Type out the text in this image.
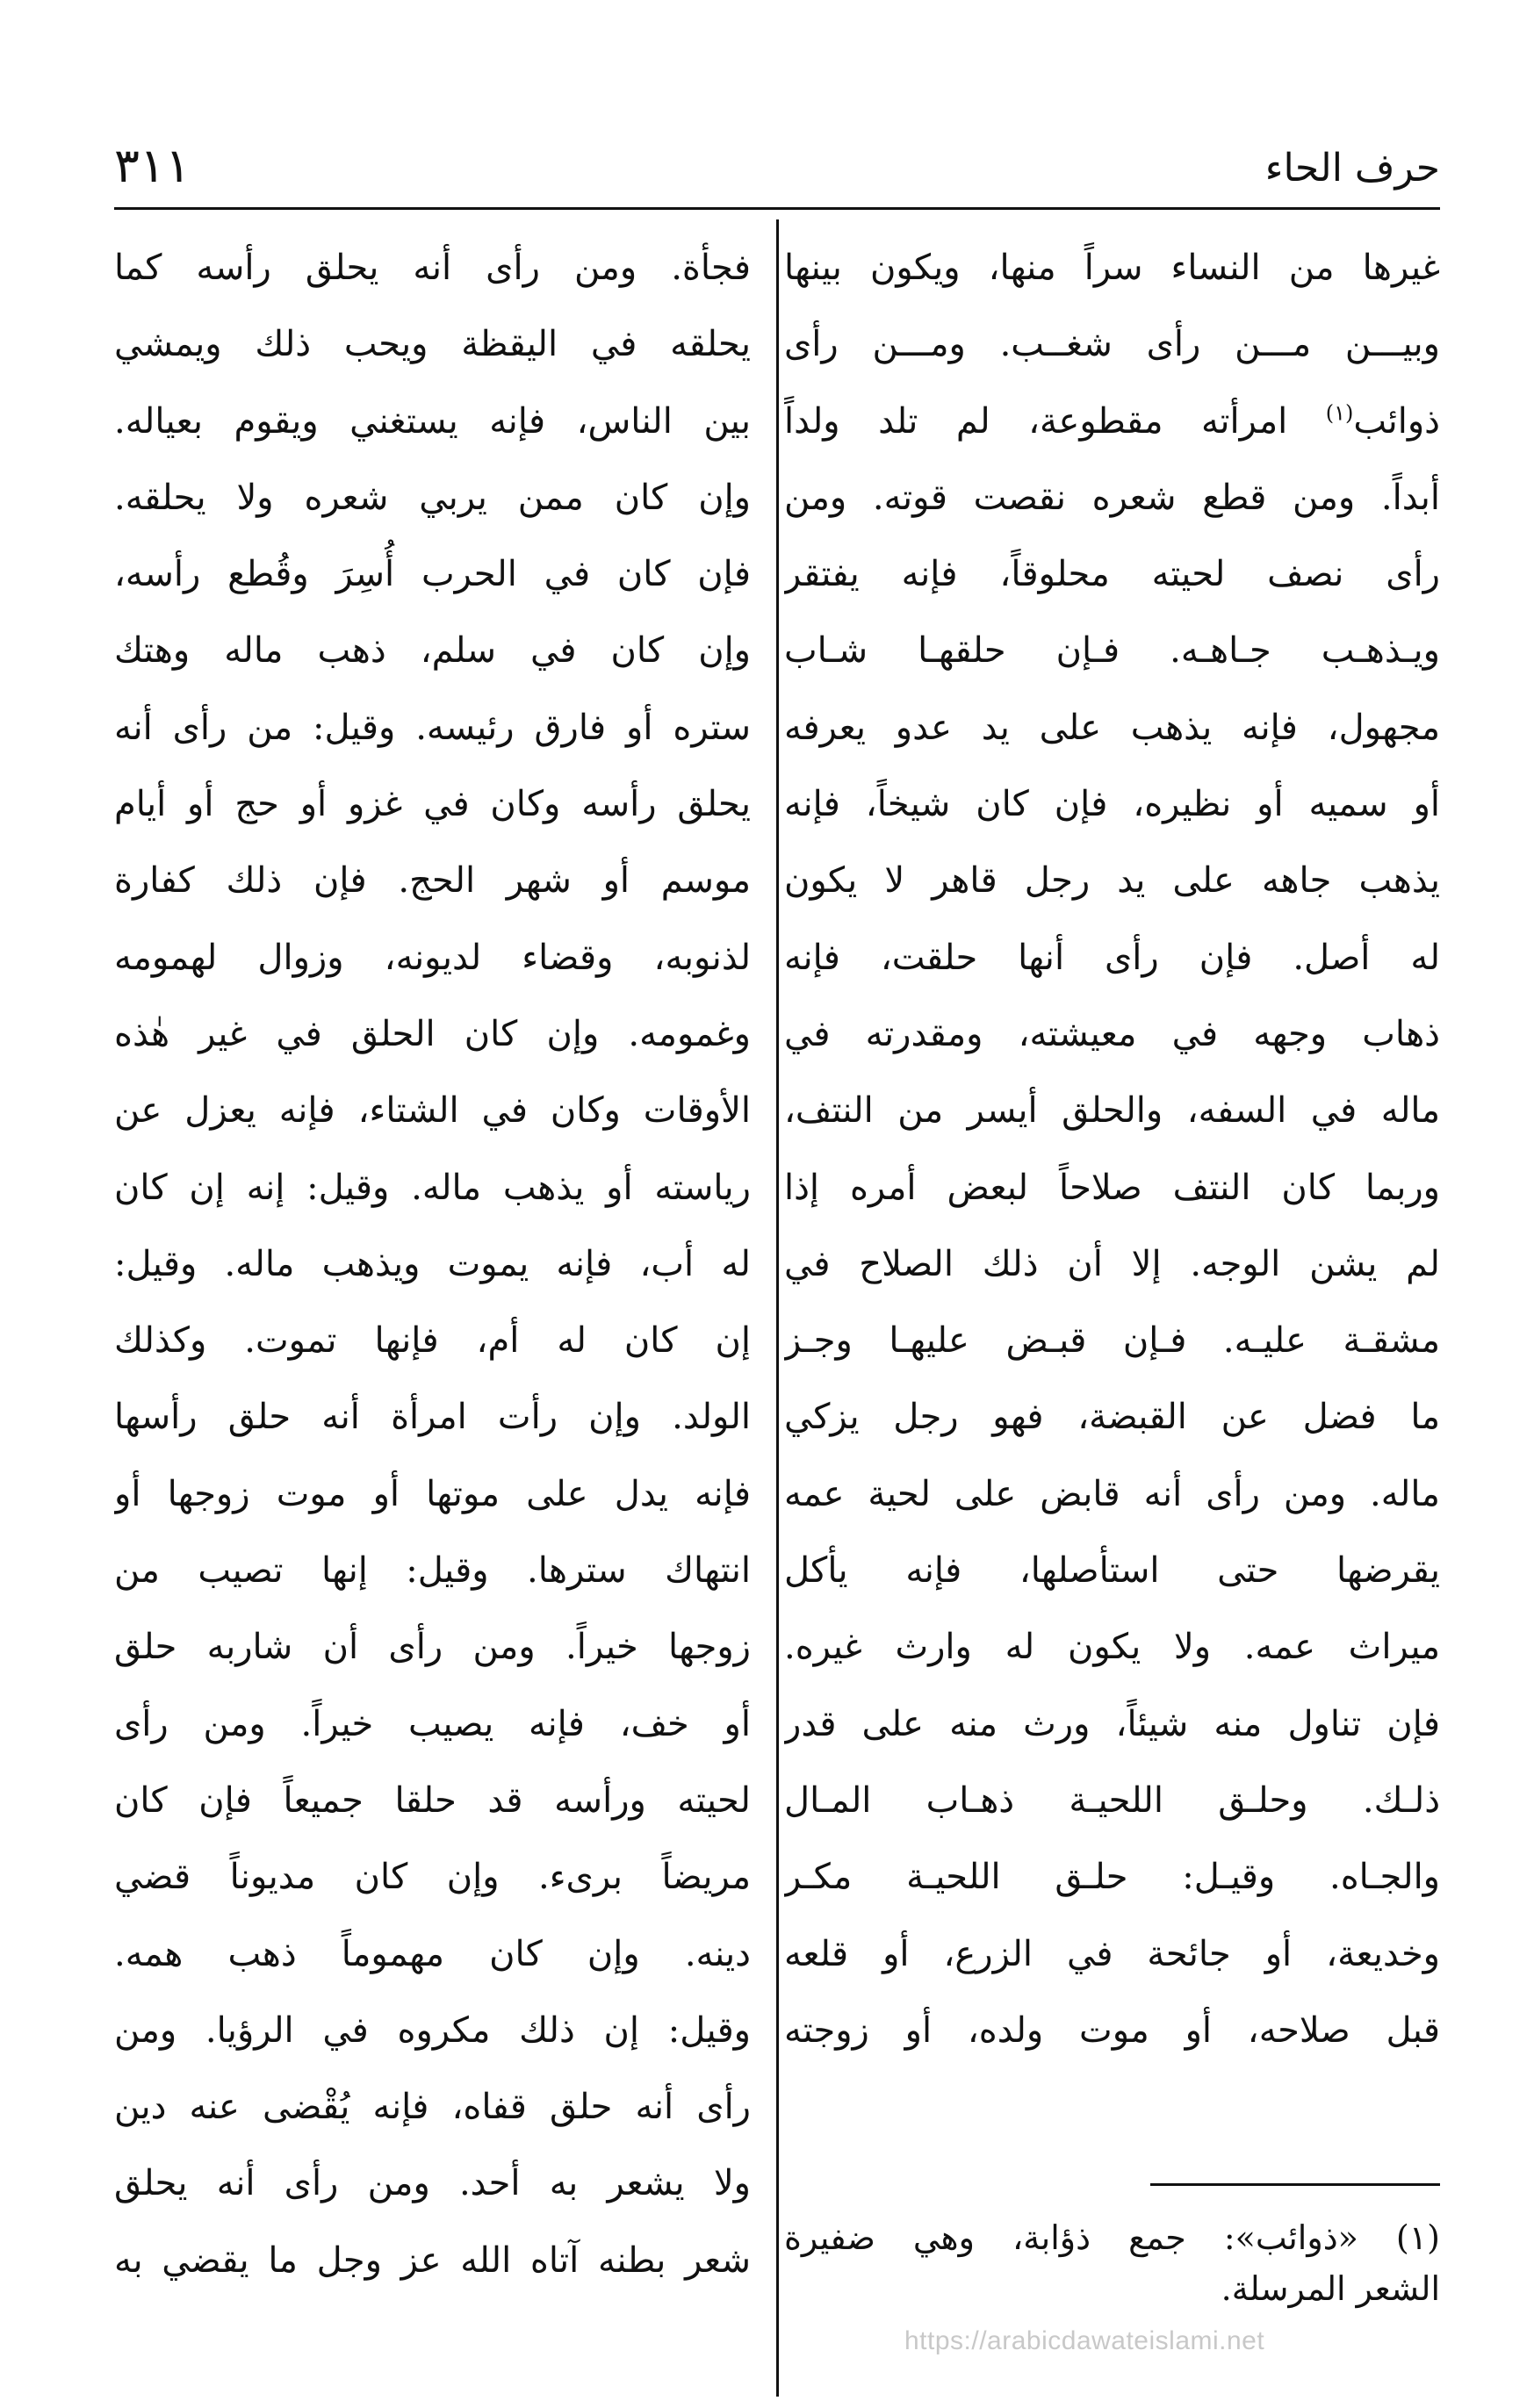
حرف الحاء
٣١١
غيرها من النساء سراً منها، ويكون بينها
وبيـــن مـــن رأى شغــب. ومـــن رأى
ذوائب$^{(١)}$ امرأته مقطوعة، لم تلد ولداً
أبداً. ومن قطع شعره نقصت قوته. ومن
رأى نصف لحيته محلوقاً، فإنه يفتقر
ويـذهـب جـاهـه. فـإن حلقهـا شـاب
مجهول، فإنه يذهب على يد عدو يعرفه
أو سميه أو نظيره، فإن كان شيخاً، فإنه
يذهب جاهه على يد رجل قاهر لا يكون
له أصل. فإن رأى أنها حلقت، فإنه
ذهاب وجهه في معيشته، ومقدرته في
ماله في السفه، والحلق أيسر من النتف،
وربما كان النتف صلاحاً لبعض أمره إذا
لم يشن الوجه. إلا أن ذلك الصلاح في
مشقـة عليـه. فـإن قبـض عليهـا وجـز
ما فضل عن القبضة، فهو رجل يزكي
ماله. ومن رأى أنه قابض على لحية عمه
يقرضها حتى استأصلها، فإنه يأكل
ميراث عمه. ولا يكون له وارث غيره.
فإن تناول منه شيئاً، ورث منه على قدر
ذلـك. وحلـق اللحيـة ذهـاب المـال
والجـاه. وقيـل: حلـق اللحيـة مكـر
وخديعة، أو جائحة في الزرع، أو قلعه
قبل صلاحه، أو موت ولده، أو زوجته
فجأة. ومن رأى أنه يحلق رأسه كما
يحلقه في اليقظة ويحب ذلك ويمشي
بين الناس، فإنه يستغني ويقوم بعياله.
وإن كان ممن يربي شعره ولا يحلقه.
فإن كان في الحرب أُسِرَ وقُطع رأسه،
وإن كان في سلم، ذهب ماله وهتك
ستره أو فارق رئيسه. وقيل: من رأى أنه
يحلق رأسه وكان في غزو أو حج أو أيام
موسم أو شهر الحج. فإن ذلك كفارة
لذنوبه، وقضاء لديونه، وزوال لهمومه
وغمومه. وإن كان الحلق في غير هٰذه
الأوقات وكان في الشتاء، فإنه يعزل عن
رياسته أو يذهب ماله. وقيل: إنه إن كان
له أب، فإنه يموت ويذهب ماله. وقيل:
إن كان له أم، فإنها تموت. وكذلك
الولد. وإن رأت امرأة أنه حلق رأسها
فإنه يدل على موتها أو موت زوجها أو
انتهاك سترها. وقيل: إنها تصيب من
زوجها خيراً. ومن رأى أن شاربه حلق
أو خف، فإنه يصيب خيراً. ومن رأى
لحيته ورأسه قد حلقا جميعاً فإن كان
مريضاً برىء. وإن كان مديوناً قضي
دينه. وإن كان مهموماً ذهب همه.
وقيل: إن ذلك مكروه في الرؤيا. ومن
رأى أنه حلق قفاه، فإنه يُقْضى عنه دين
ولا يشعر به أحد. ومن رأى أنه يحلق
شعر بطنه آتاه الله عز وجل ما يقضي به
(١) «ذوائب»: جمع ذؤابة، وهي ضفيرة
الشعر المرسلة.
https://arabicdawateislami.net
